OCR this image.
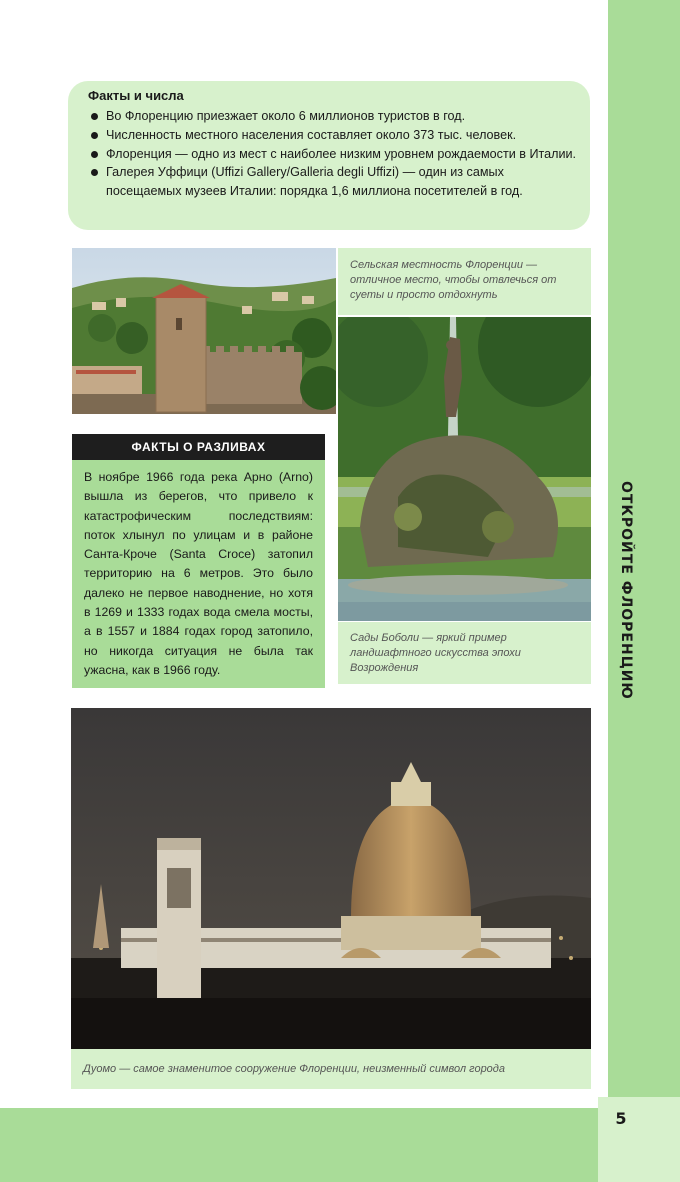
ОТКРОЙТЕ ФЛОРЕНЦИЮ
5
Факты и числа
Во Флоренцию приезжает около 6 миллионов туристов в год.
Численность местного населения составляет около 373 тыс. человек.
Флоренция — одно из мест с наиболее низким уровнем рождаемости в Италии.
Галерея Уффици (Uffizi Gallery/Galleria degli Uffizi) — один из самых посещаемых музеев Италии: порядка 1,6 миллиона посетителей в год.
Сельская местность Флоренции — отличное место, чтобы отвлечься от суеты и просто отдохнуть
Сады Боболи — яркий пример ландшафтного искусства эпохи Возрождения
ФАКТЫ О РАЗЛИВАХ
В ноябре 1966 года река Арно (Arno) вышла из берегов, что привело к катастрофическим последствиям: поток хлынул по улицам и в районе Санта-Кроче (Santa Croce) затопил территорию на 6 метров. Это было далеко не первое наводнение, но хотя в 1269 и 1333 годах вода смела мосты, а в 1557 и 1884 годах город затопило, но никогда ситуация не была так ужасна, как в 1966 году.
Дуомо — самое знаменитое сооружение Флоренции, неизменный символ города
